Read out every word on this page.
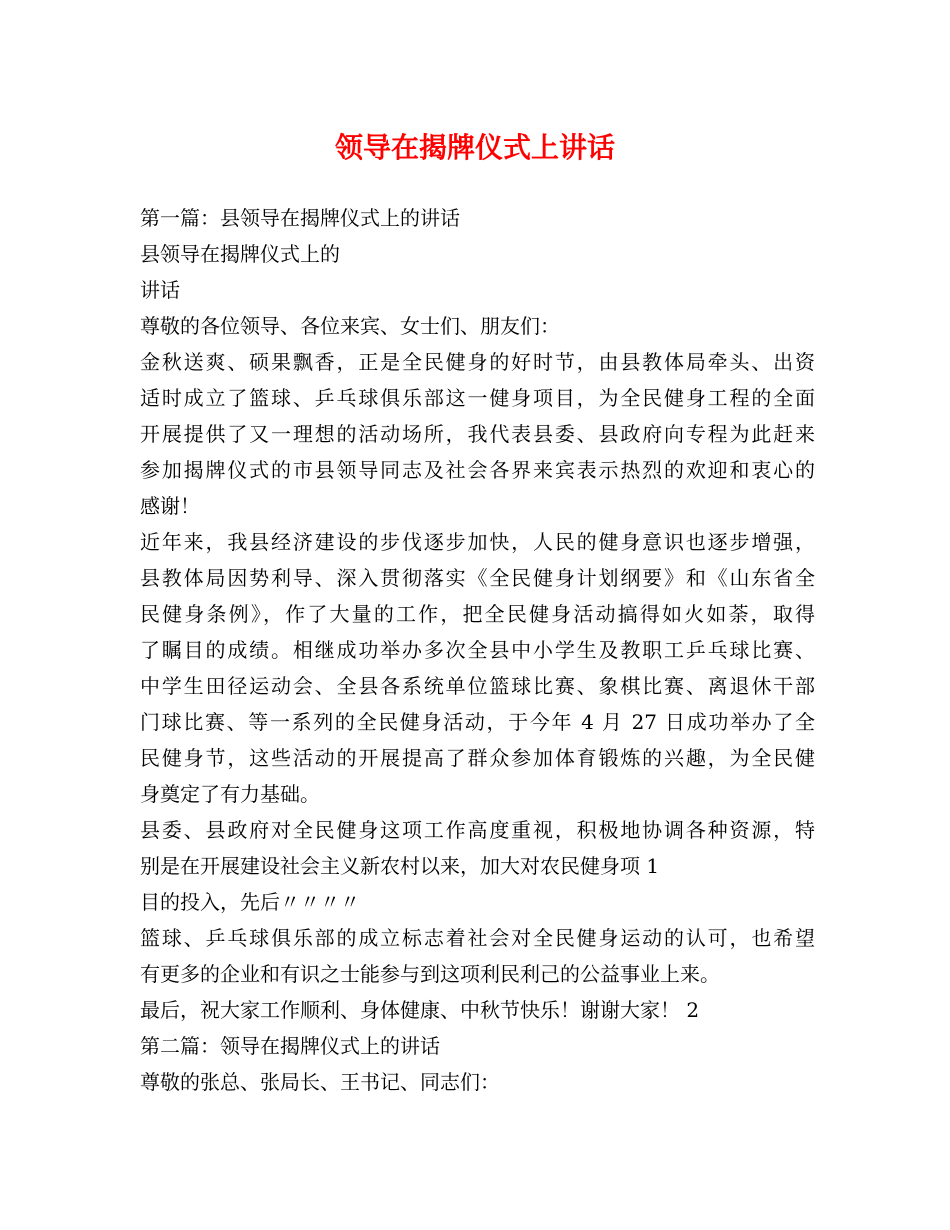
领导在揭牌仪式上讲话
第一篇：县领导在揭牌仪式上的讲话
县领导在揭牌仪式上的
讲话
尊敬的各位领导、各位来宾、女士们、朋友们：
金秋送爽、硕果飘香，正是全民健身的好时节，由县教体局牵头、出资
适时成立了篮球、乒乓球俱乐部这一健身项目，为全民健身工程的全面
开展提供了又一理想的活动场所，我代表县委、县政府向专程为此赶来
参加揭牌仪式的市县领导同志及社会各界来宾表示热烈的欢迎和衷心的
感谢！
近年来，我县经济建设的步伐逐步加快，人民的健身意识也逐步增强，
县教体局因势利导、深入贯彻落实《全民健身计划纲要》和《山东省全
民健身条例》，作了大量的工作，把全民健身活动搞得如火如荼，取得
了瞩目的成绩。相继成功举办多次全县中小学生及教职工乒乓球比赛、
中学生田径运动会、全县各系统单位篮球比赛、象棋比赛、离退休干部
门球比赛、等一系列的全民健身活动，于今年 4 月 27 日成功举办了全
民健身节，这些活动的开展提高了群众参加体育锻炼的兴趣，为全民健
身奠定了有力基础。
县委、县政府对全民健身这项工作高度重视，积极地协调各种资源，特
别是在开展建设社会主义新农村以来，加大对农民健身项 1
目的投入，先后〃〃〃〃
篮球、乒乓球俱乐部的成立标志着社会对全民健身运动的认可，也希望
有更多的企业和有识之士能参与到这项利民利己的公益事业上来。
最后，祝大家工作顺利、身体健康、中秋节快乐！谢谢大家！ 2
第二篇：领导在揭牌仪式上的讲话
尊敬的张总、张局长、王书记、同志们：
